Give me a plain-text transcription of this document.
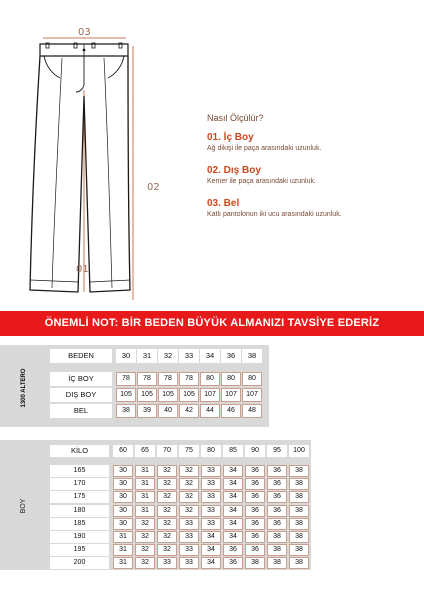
03
02
01
Nasıl Ölçülür?
01. İç Boy
Ağ dikişi ile paça arasındaki uzunluk.
02. Dış Boy
Kemer ile paça arasındaki uzunluk.
03. Bel
Katlı pantolonun iki ucu arasındaki uzunluk.
ÖNEMLİ NOT: BİR BEDEN BÜYÜK ALMANIZI TAVSİYE EDERİZ
1300 ALTERO
BEDEN	30	31	32	33	34	36	38
İÇ BOY	78	78	78	78	80	80	80
DIŞ BOY	105	105	105	105	107	107	107
BEL	38	39	40	42	44	46	48
BOY
KİLO	60	65	70	75	80	85	90	95	100
165	30	31	32	32	33	34	36	36	38
170	30	31	32	32	33	34	36	36	38
175	30	31	32	32	33	34	36	36	38
180	30	31	32	32	33	34	36	36	38
185	30	32	32	33	33	34	36	36	38
190	31	32	32	33	34	34	36	38	38
195	31	32	32	33	34	36	36	38	38
200	31	32	33	33	34	36	38	38	38
